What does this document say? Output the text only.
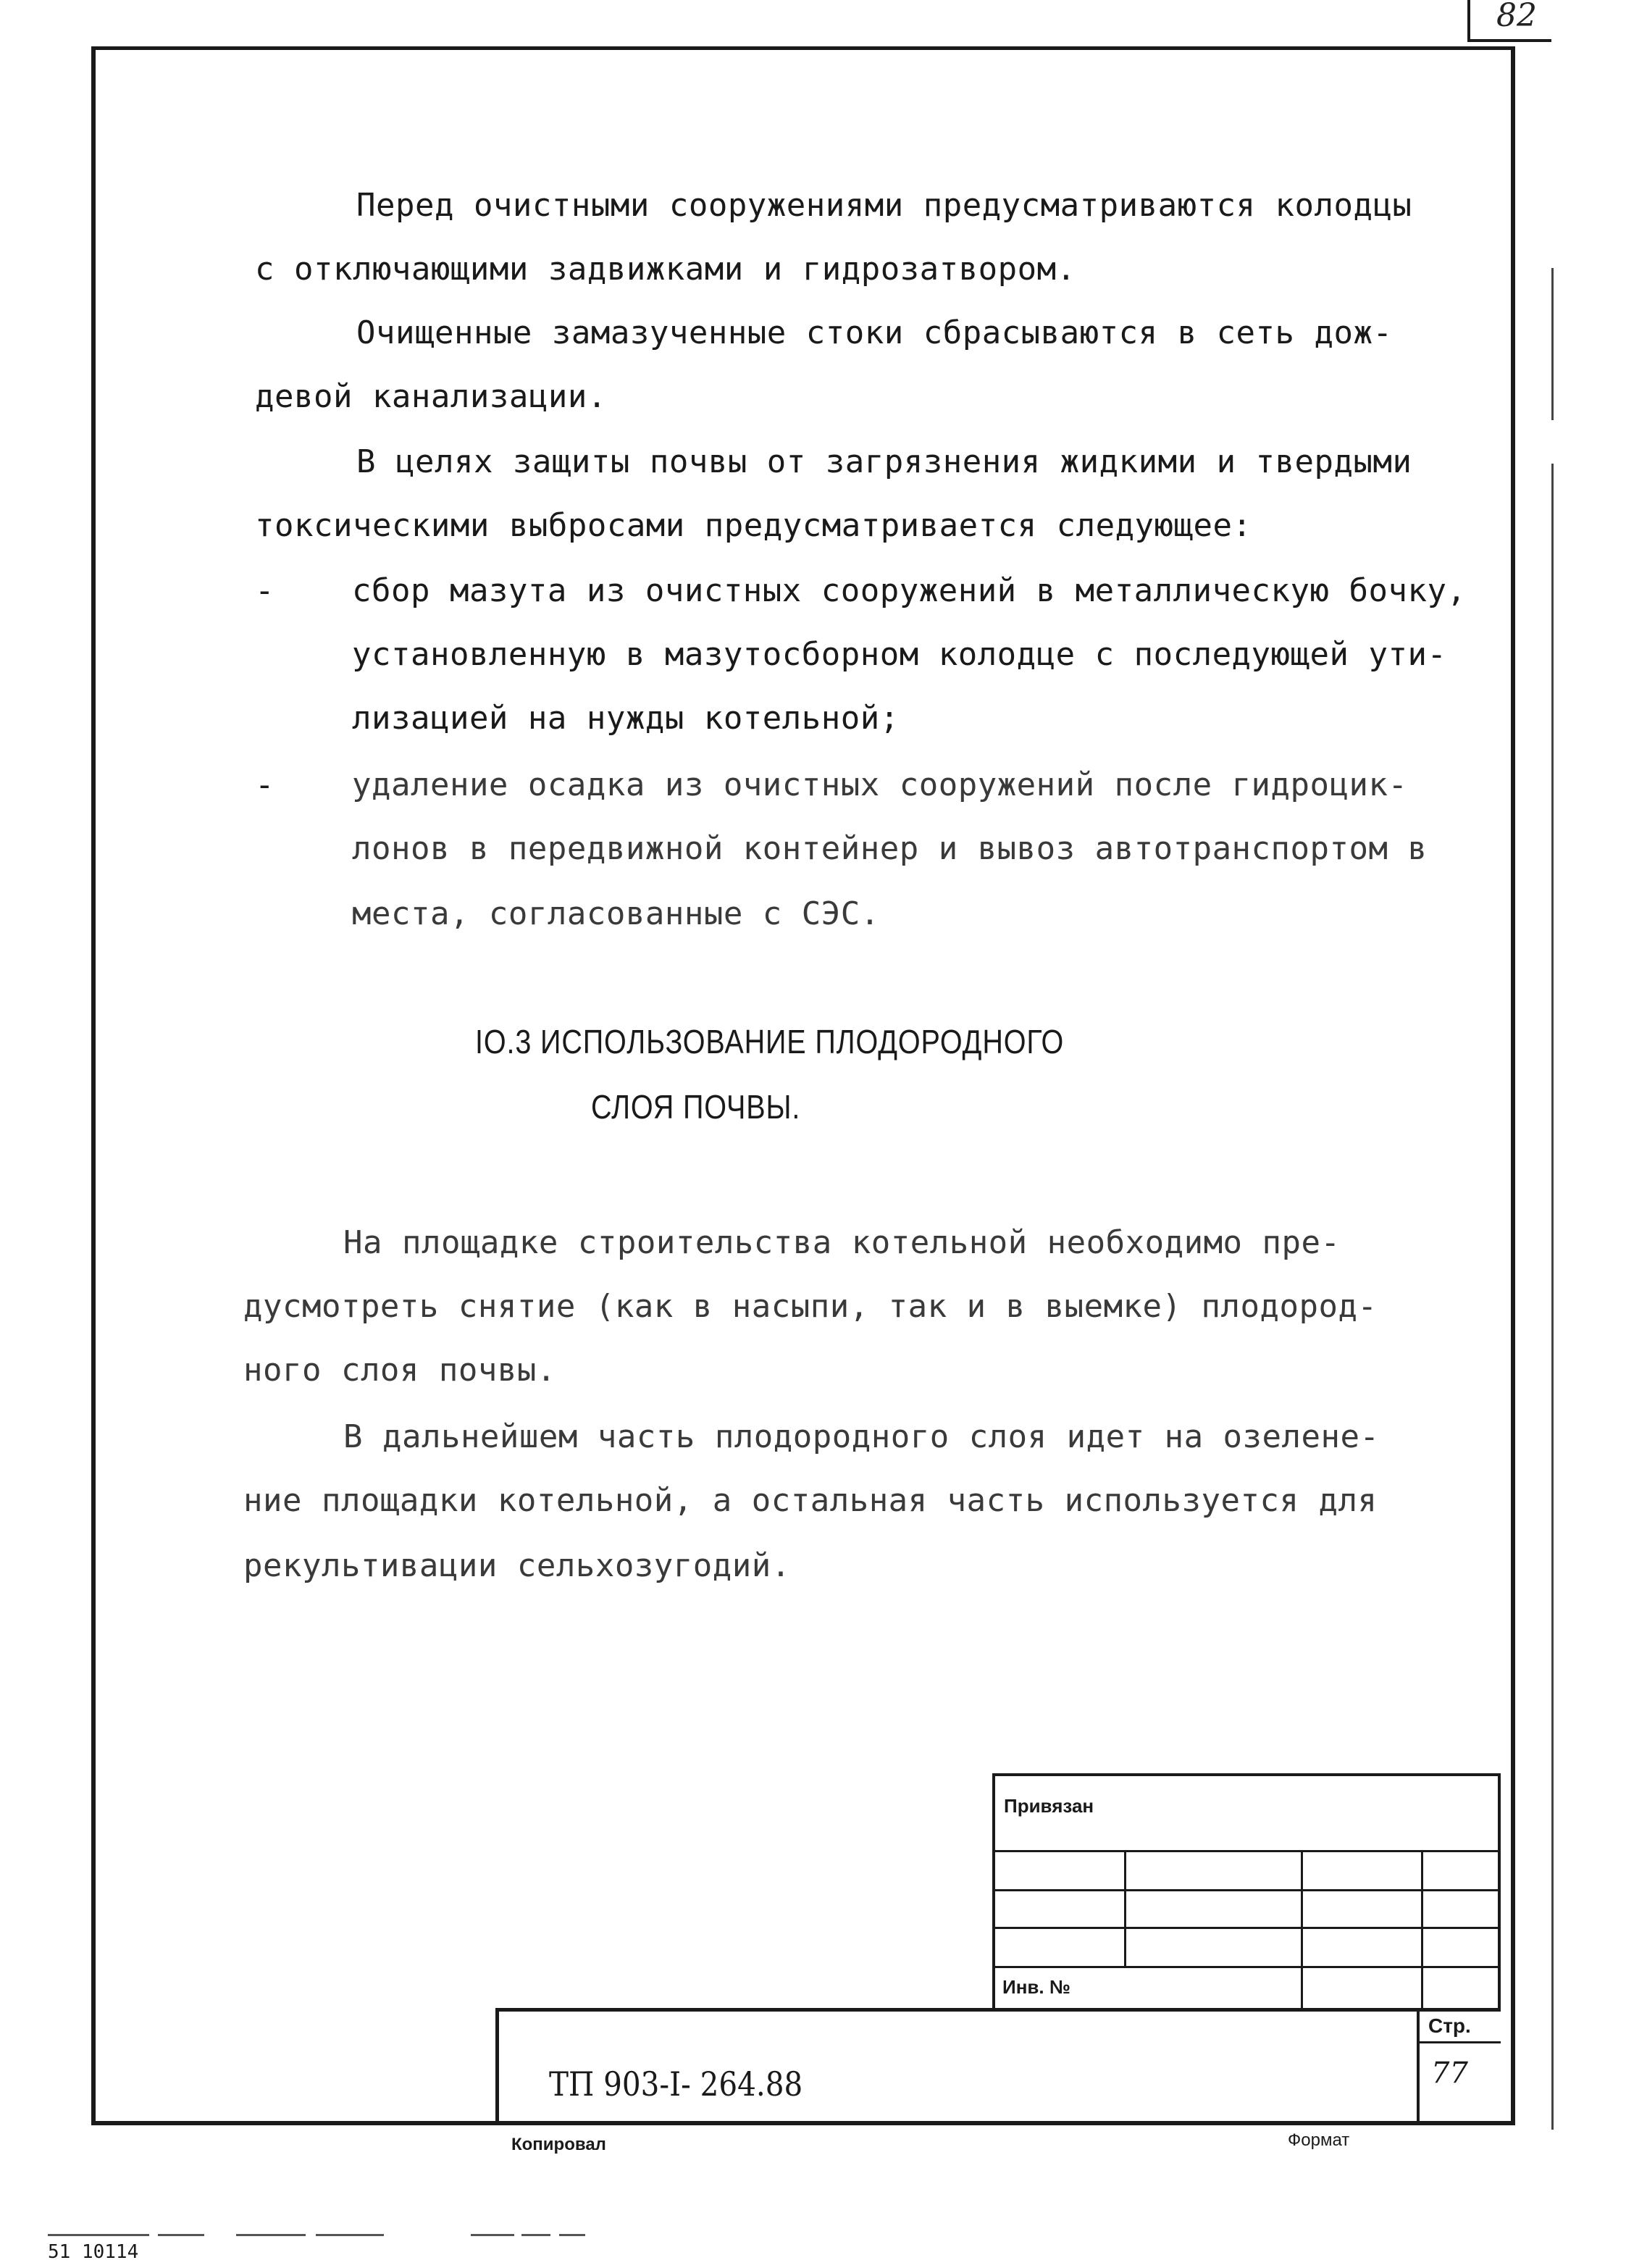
82
Перед очистными сооружениями предусматриваются колодцы
с отключающими задвижками и гидрозатвором.
Очищенные замазученные стоки сбрасываются в сеть дож-
девой канализации.
В целях защиты почвы от загрязнения жидкими и твердыми
токсическими выбросами предусматривается следующее:
- сбор мазута из очистных сооружений в металлическую бочку,
установленную в мазутосборном колодце с последующей ути-
лизацией на нужды котельной;
- удаление осадка из очистных сооружений после гидроцик-
лонов в передвижной контейнер и вывоз автотранспортом в
места, согласованные с СЭС.
IO.3 ИСПОЛЬЗОВАНИЕ ПЛОДОРОДНОГО
СЛОЯ ПОЧВЫ.
На площадке строительства котельной необходимо пре-
дусмотреть снятие (как в насыпи, так и в выемке) плодород-
ного слоя почвы.
В дальнейшем часть плодородного слоя идет на озелене-
ние площадки котельной, а остальная часть используется для
рекультивации сельхозугодий.
Привязан
Инв. №
Стр.
77
ТП 903-I- 264.88
Копировал	Формат
51 10114
